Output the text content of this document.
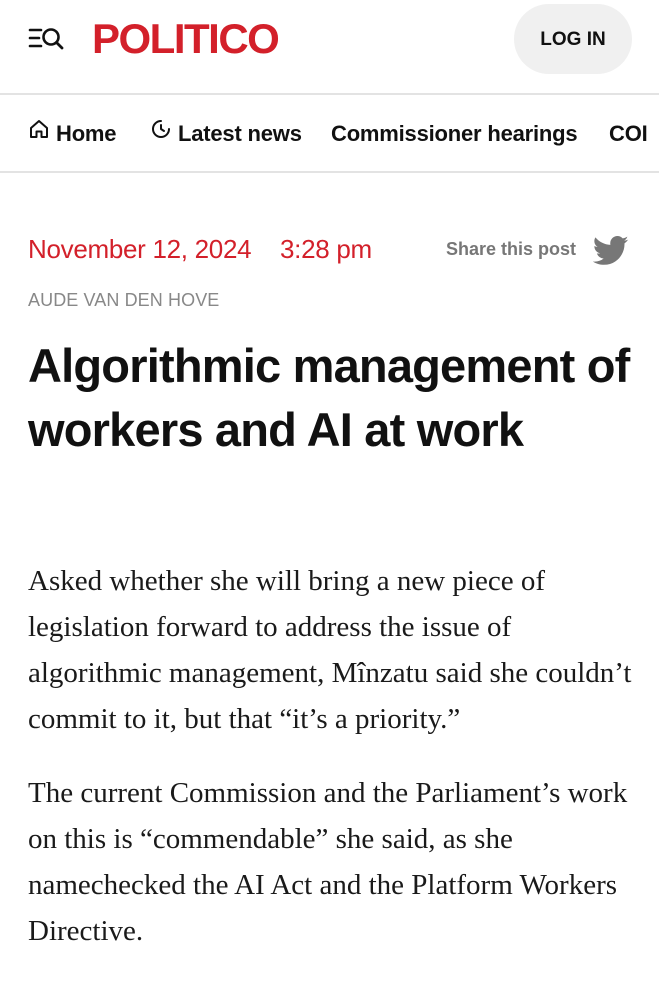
POLITICO	LOG IN
Home	Latest news Commissioner hearings COI
November 12, 2024 3:28 pm	Share this post
AUDE VAN DEN HOVE
Algorithmic management of workers and AI at work

Asked whether she will bring a new piece of legislation forward to address the issue of algorithmic management, Mînzatu said she couldn’t commit to it, but that “it’s a priority.”

The current Commission and the Parliament’s work on this is “commendable” she said, as she namechecked the AI Act and the Platform Workers Directive.
